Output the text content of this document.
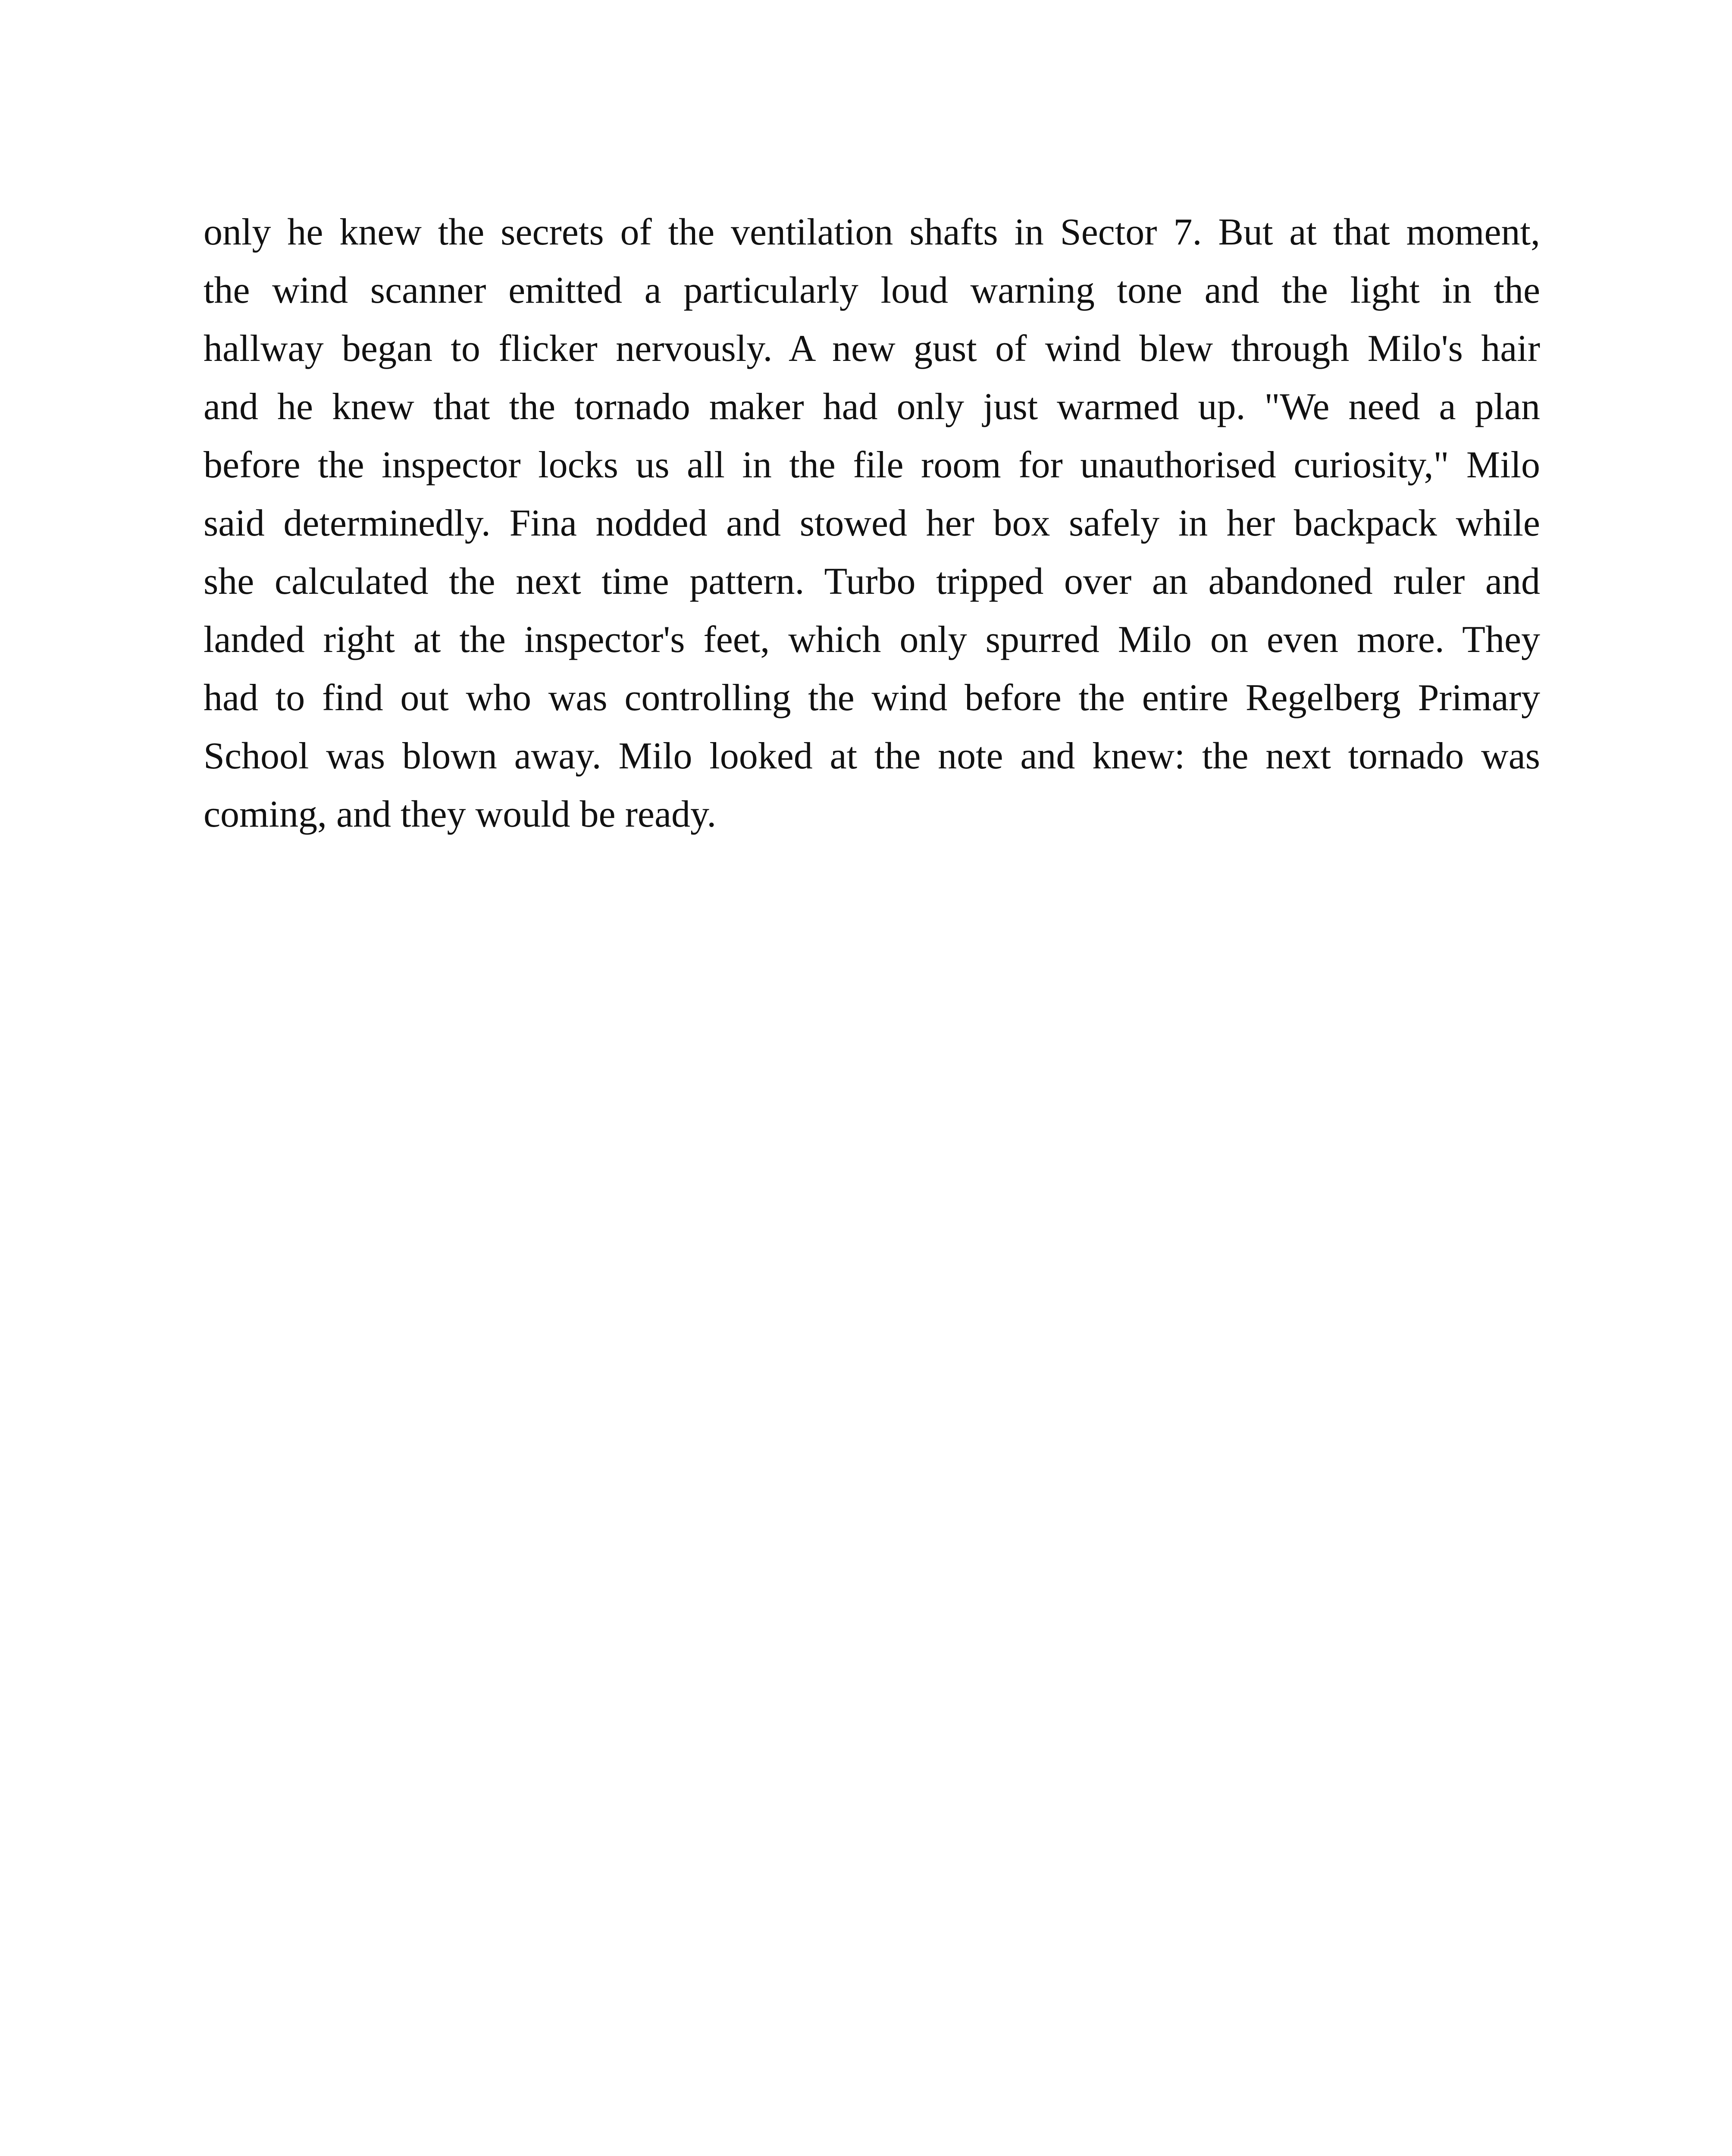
only he knew the secrets of the ventilation shafts in Sector 7. But at that moment,
the wind scanner emitted a particularly loud warning tone and the light in the
hallway began to flicker nervously. A new gust of wind blew through Milo's hair
and he knew that the tornado maker had only just warmed up. "We need a plan
before the inspector locks us all in the file room for unauthorised curiosity," Milo
said determinedly. Fina nodded and stowed her box safely in her backpack while
she calculated the next time pattern. Turbo tripped over an abandoned ruler and
landed right at the inspector's feet, which only spurred Milo on even more. They
had to find out who was controlling the wind before the entire Regelberg Primary
School was blown away. Milo looked at the note and knew: the next tornado was
coming, and they would be ready.
